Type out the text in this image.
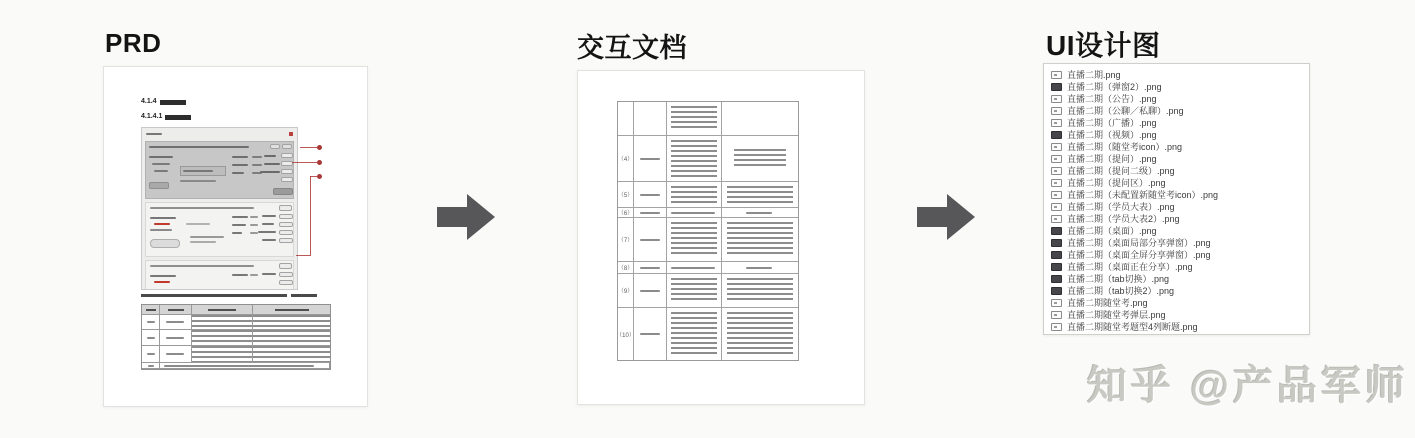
PRD	交互文档	UI设计图
4.1.4
4.1.4.1
（4）
（5）
（6）
（7）
（8）
（9）
（10）
直播二期.png
直播二期（弹窗2）.png
直播二期（公告）.png
直播二期（公聊／私聊）.png
直播二期（广播）.png
直播二期（视频）.png
直播二期（随堂考icon）.png
直播二期（提问）.png
直播二期（提问二级）.png
直播二期（提问区）.png
直播二期（未配置新随堂考icon）.png
直播二期（学员大表）.png
直播二期（学员大表2）.png
直播二期（桌面）.png
直播二期（桌面局部分享弹窗）.png
直播二期（桌面全屏分享弹窗）.png
直播二期（桌面正在分享）.png
直播二期（tab切换）.png
直播二期（tab切换2）.png
直播二期随堂考.png
直播二期随堂考弹层.png
直播二期随堂考题型4列断题.png
知乎 @产品军师
